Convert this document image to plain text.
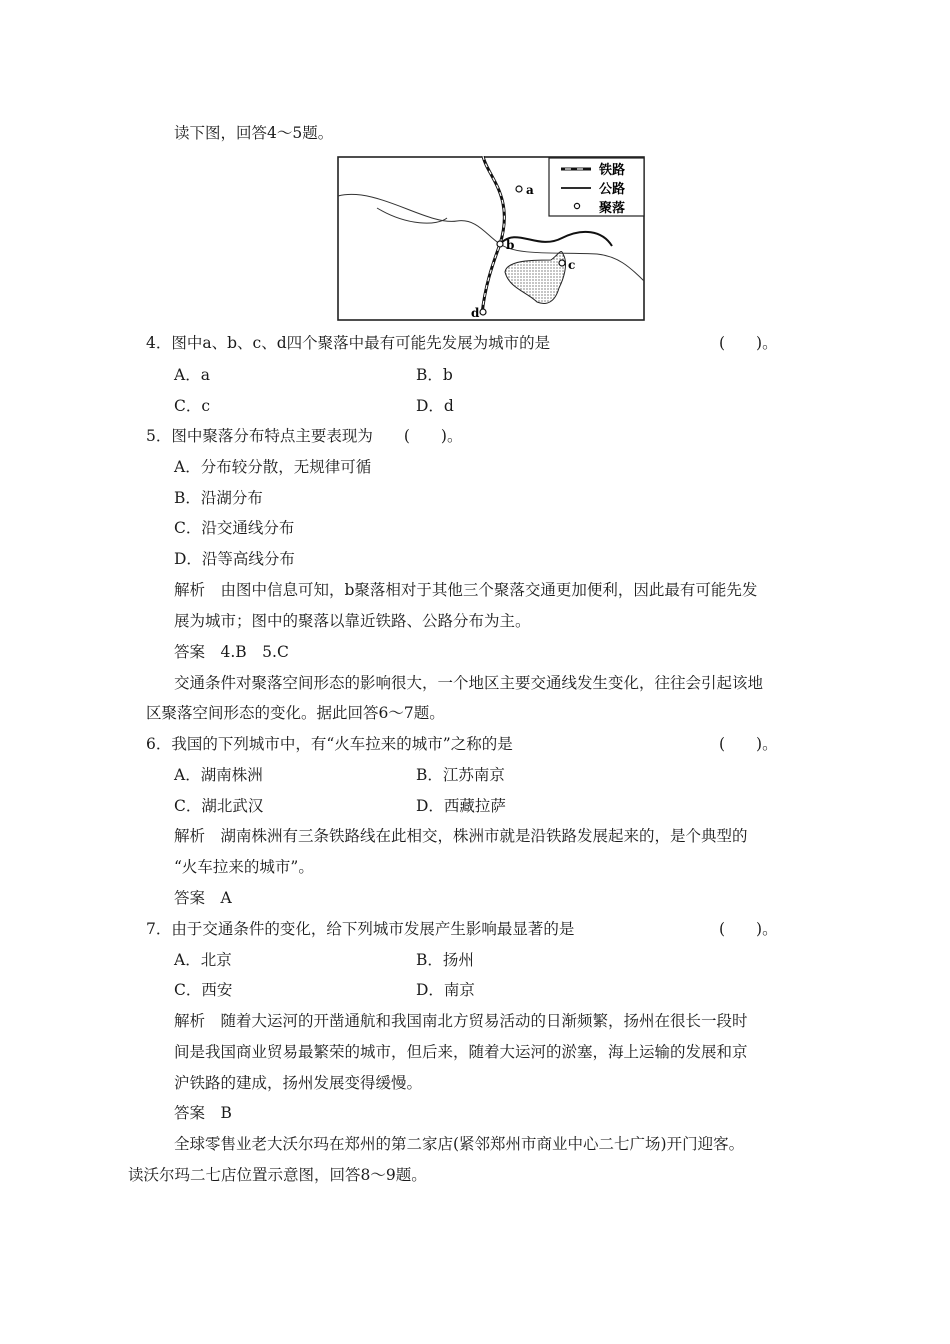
读下图，回答4～5题。
a
b
c
d
铁路
公路
聚落
4．图中a、b、c、d四个聚落中最有可能先发展为城市的是	(　　)。
A．a	B．b
C．c	D．d
5．图中聚落分布特点主要表现为　　(　　)。
A．分布较分散，无规律可循
B．沿湖分布
C．沿交通线分布
D．沿等高线分布
解析　由图中信息可知，b聚落相对于其他三个聚落交通更加便利，因此最有可能先发
展为城市；图中的聚落以靠近铁路、公路分布为主。
答案　4.B　5.C
交通条件对聚落空间形态的影响很大，一个地区主要交通线发生变化，往往会引起该地
区聚落空间形态的变化。据此回答6～7题。
6．我国的下列城市中，有“火车拉来的城市”之称的是	(　　)。
A．湖南株洲	B．江苏南京
C．湖北武汉	D．西藏拉萨
解析　湖南株洲有三条铁路线在此相交，株洲市就是沿铁路发展起来的，是个典型的
“火车拉来的城市”。
答案　A
7．由于交通条件的变化，给下列城市发展产生影响最显著的是	(　　)。
A．北京	B．扬州
C．西安	D．南京
解析　随着大运河的开凿通航和我国南北方贸易活动的日渐频繁，扬州在很长一段时
间是我国商业贸易最繁荣的城市，但后来，随着大运河的淤塞，海上运输的发展和京
沪铁路的建成，扬州发展变得缓慢。
答案　B
全球零售业老大沃尔玛在郑州的第二家店(紧邻郑州市商业中心二七广场)开门迎客。
读沃尔玛二七店位置示意图，回答8～9题。
